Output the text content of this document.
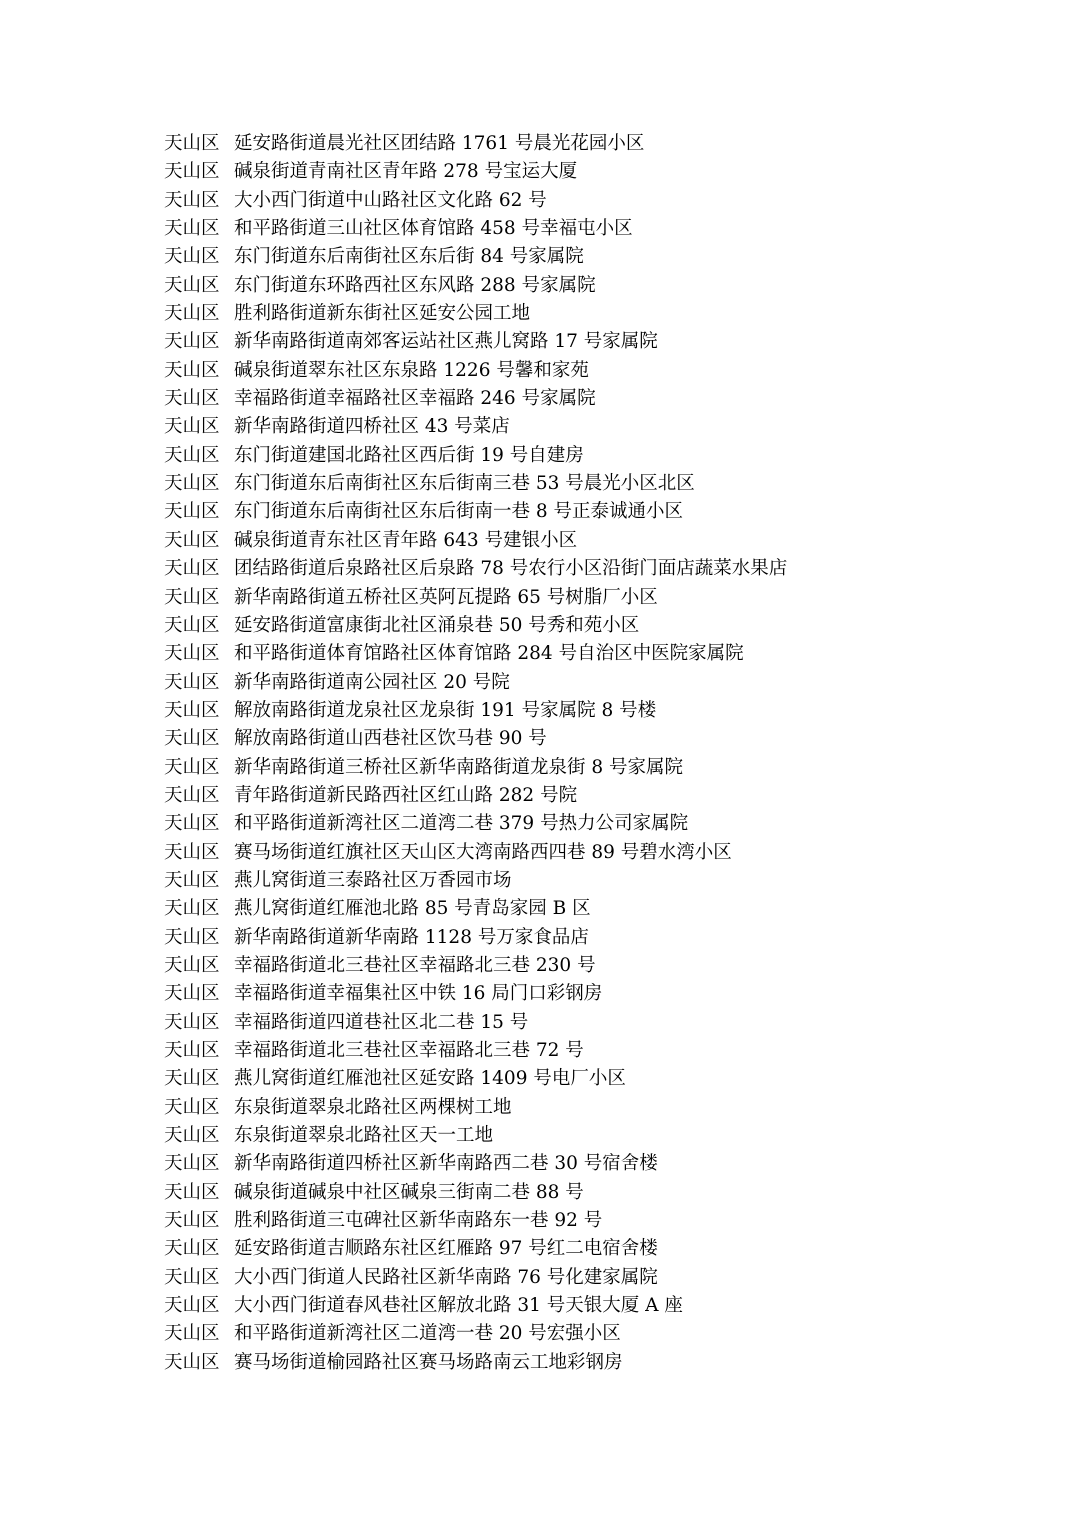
天山区 延安路街道晨光社区团结路 1761 号晨光花园小区
天山区 碱泉街道青南社区青年路 278 号宝运大厦
天山区 大小西门街道中山路社区文化路 62 号
天山区 和平路街道三山社区体育馆路 458 号幸福屯小区
天山区 东门街道东后南街社区东后街 84 号家属院
天山区 东门街道东环路西社区东风路 288 号家属院
天山区 胜利路街道新东街社区延安公园工地
天山区 新华南路街道南郊客运站社区燕儿窝路 17 号家属院
天山区 碱泉街道翠东社区东泉路 1226 号馨和家苑
天山区 幸福路街道幸福路社区幸福路 246 号家属院
天山区 新华南路街道四桥社区 43 号菜店
天山区 东门街道建国北路社区西后街 19 号自建房
天山区 东门街道东后南街社区东后街南三巷 53 号晨光小区北区
天山区 东门街道东后南街社区东后街南一巷 8 号正泰诚通小区
天山区 碱泉街道青东社区青年路 643 号建银小区
天山区 团结路街道后泉路社区后泉路 78 号农行小区沿街门面店蔬菜水果店
天山区 新华南路街道五桥社区英阿瓦提路 65 号树脂厂小区
天山区 延安路街道富康街北社区涌泉巷 50 号秀和苑小区
天山区 和平路街道体育馆路社区体育馆路 284 号自治区中医院家属院
天山区 新华南路街道南公园社区 20 号院
天山区 解放南路街道龙泉社区龙泉街 191 号家属院 8 号楼
天山区 解放南路街道山西巷社区饮马巷 90 号
天山区 新华南路街道三桥社区新华南路街道龙泉街 8 号家属院
天山区 青年路街道新民路西社区红山路 282 号院
天山区 和平路街道新湾社区二道湾二巷 379 号热力公司家属院
天山区 赛马场街道红旗社区天山区大湾南路西四巷 89 号碧水湾小区
天山区 燕儿窝街道三泰路社区万香园市场
天山区 燕儿窝街道红雁池北路 85 号青岛家园 B 区
天山区 新华南路街道新华南路 1128 号万家食品店
天山区 幸福路街道北三巷社区幸福路北三巷 230 号
天山区 幸福路街道幸福集社区中铁 16 局门口彩钢房
天山区 幸福路街道四道巷社区北二巷 15 号
天山区 幸福路街道北三巷社区幸福路北三巷 72 号
天山区 燕儿窝街道红雁池社区延安路 1409 号电厂小区
天山区 东泉街道翠泉北路社区两棵树工地
天山区 东泉街道翠泉北路社区天一工地
天山区 新华南路街道四桥社区新华南路西二巷 30 号宿舍楼
天山区 碱泉街道碱泉中社区碱泉三街南二巷 88 号
天山区 胜利路街道三屯碑社区新华南路东一巷 92 号
天山区 延安路街道吉顺路东社区红雁路 97 号红二电宿舍楼
天山区 大小西门街道人民路社区新华南路 76 号化建家属院
天山区 大小西门街道春风巷社区解放北路 31 号天银大厦 A 座
天山区 和平路街道新湾社区二道湾一巷 20 号宏强小区
天山区 赛马场街道榆园路社区赛马场路南云工地彩钢房
